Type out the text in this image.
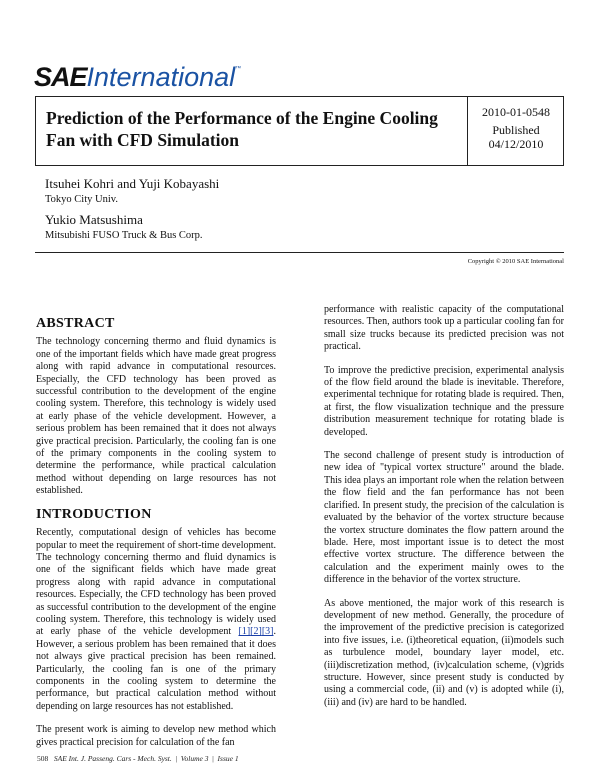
SAEInternational™
Prediction of the Performance of the Engine Cooling Fan with CFD Simulation
2010-01-0548
Published
04/12/2010
Itsuhei Kohri and Yuji Kobayashi
Tokyo City Univ.
Yukio Matsushima
Mitsubishi FUSO Truck & Bus Corp.
Copyright © 2010 SAE International
ABSTRACT

The technology concerning thermo and fluid dynamics is one of the important fields which have made great progress along with rapid advance in computational resources. Especially, the CFD technology has been proved as successful contribution to the development of the engine cooling system. Therefore, this technology is widely used at early phase of the vehicle development. However, a serious problem has been remained that it does not always give practical precision. Particularly, the cooling fan is one of the primary components in the cooling system to determine the performance, while practical calculation method without depending on large resources has not established.

INTRODUCTION

Recently, computational design of vehicles has become popular to meet the requirement of short-time development. The technology concerning thermo and fluid dynamics is one of the significant fields which have made great progress along with rapid advance in computational resources. Especially, the CFD technology has been proved as successful contribution to the development of the engine cooling system. Therefore, this technology is widely used at early phase of the vehicle development [1][2][3]. However, a serious problem has been remained that it does not always give practical precision has been remained. Particularly, the cooling fan is one of the primary components in the cooling system to determine the performance, but practical calculation method without depending on large resources has not established.

The present work is aiming to develop new method which gives practical precision for calculation of the fan

performance with realistic capacity of the computational resources. Then, authors took up a particular cooling fan for small size trucks because its predicted precision was not practical.

To improve the predictive precision, experimental analysis of the flow field around the blade is inevitable. Therefore, experimental technique for rotating blade is required. Then, at first, the flow visualization technique and the pressure distribution measurement technique for rotating blade is developed.

The second challenge of present study is introduction of new idea of "typical vortex structure" around the blade. This idea plays an important role when the relation between the flow field and the fan performance has not been clarified. In present study, the precision of the calculation is evaluated by the behavior of the vortex structure because the vortex structure dominates the flow pattern around the blade. Here, most important issue is to detect the most effective vortex structure. The difference between the calculation and the experiment mainly owes to the difference in the behavior of the vortex structure.

As above mentioned, the major work of this research is development of new method. Generally, the procedure of the improvement of the predictive precision is categorized into five issues, i.e. (i)theoretical equation, (ii)models such as turbulence model, boundary layer model, etc. (iii)discretization method, (iv)calculation scheme, (v)grids structure. However, since present study is conducted by using a commercial code, (ii) and (v) is adopted while (i),(iii) and (iv) are hard to be handled.

508 SAE Int. J. Passeng. Cars - Mech. Syst.  |  Volume 3  |  Issue 1
